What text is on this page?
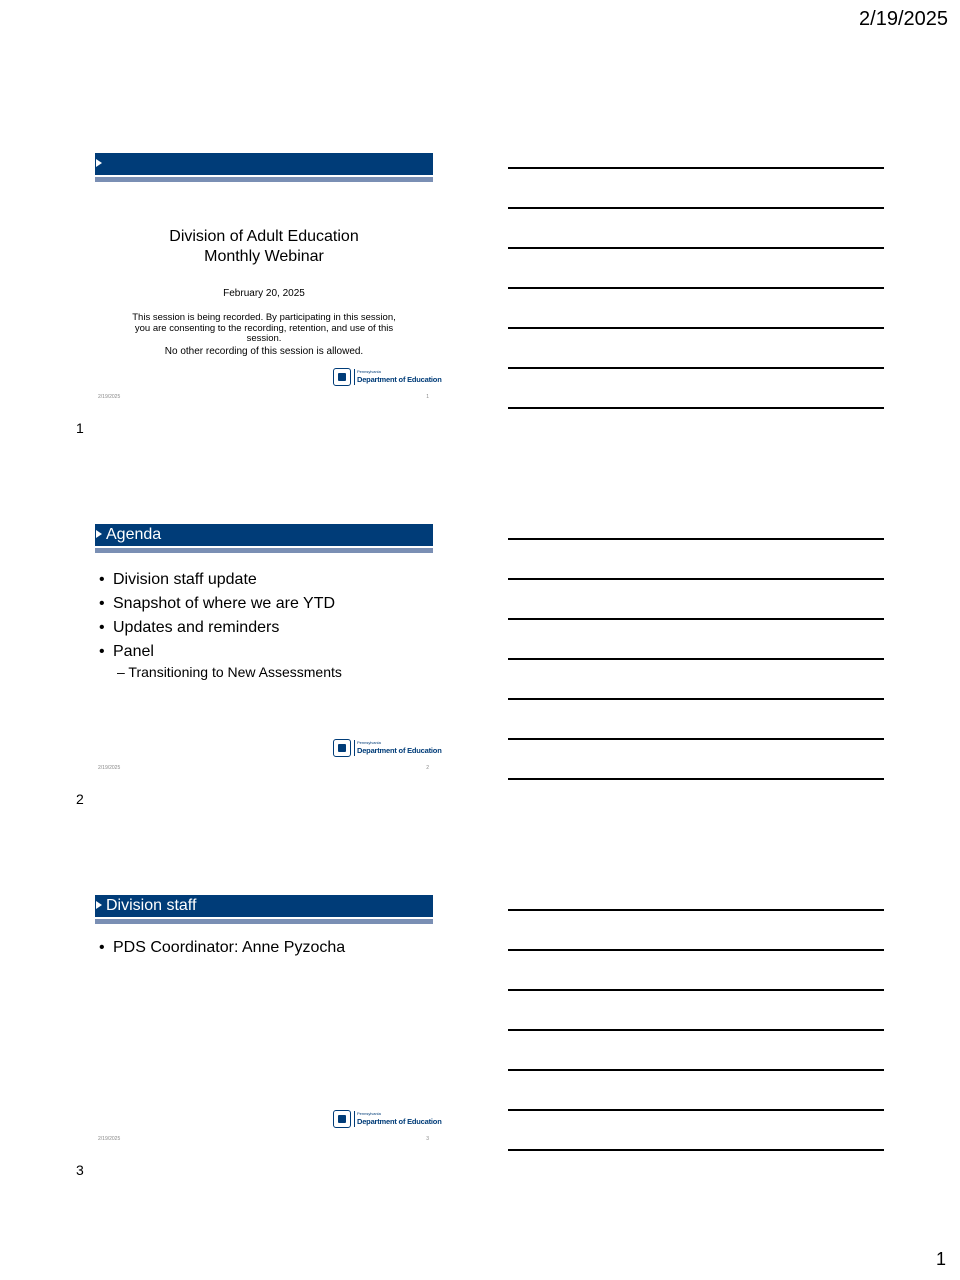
2/19/2025
Division of Adult Education
Monthly Webinar
February 20, 2025
This session is being recorded. By participating in this session, you are consenting to the recording, retention, and use of this session.
No other recording of this session is allowed.
Pennsylvania
Department of Education
2/19/2025	1
1
Agenda
• Division staff update
• Snapshot of where we are YTD
• Updates and reminders
• Panel
– Transitioning to New Assessments
Pennsylvania
Department of Education
2/19/2025	2
2
Division staff
• PDS Coordinator: Anne Pyzocha
Pennsylvania
Department of Education
2/19/2025	3
3
1
